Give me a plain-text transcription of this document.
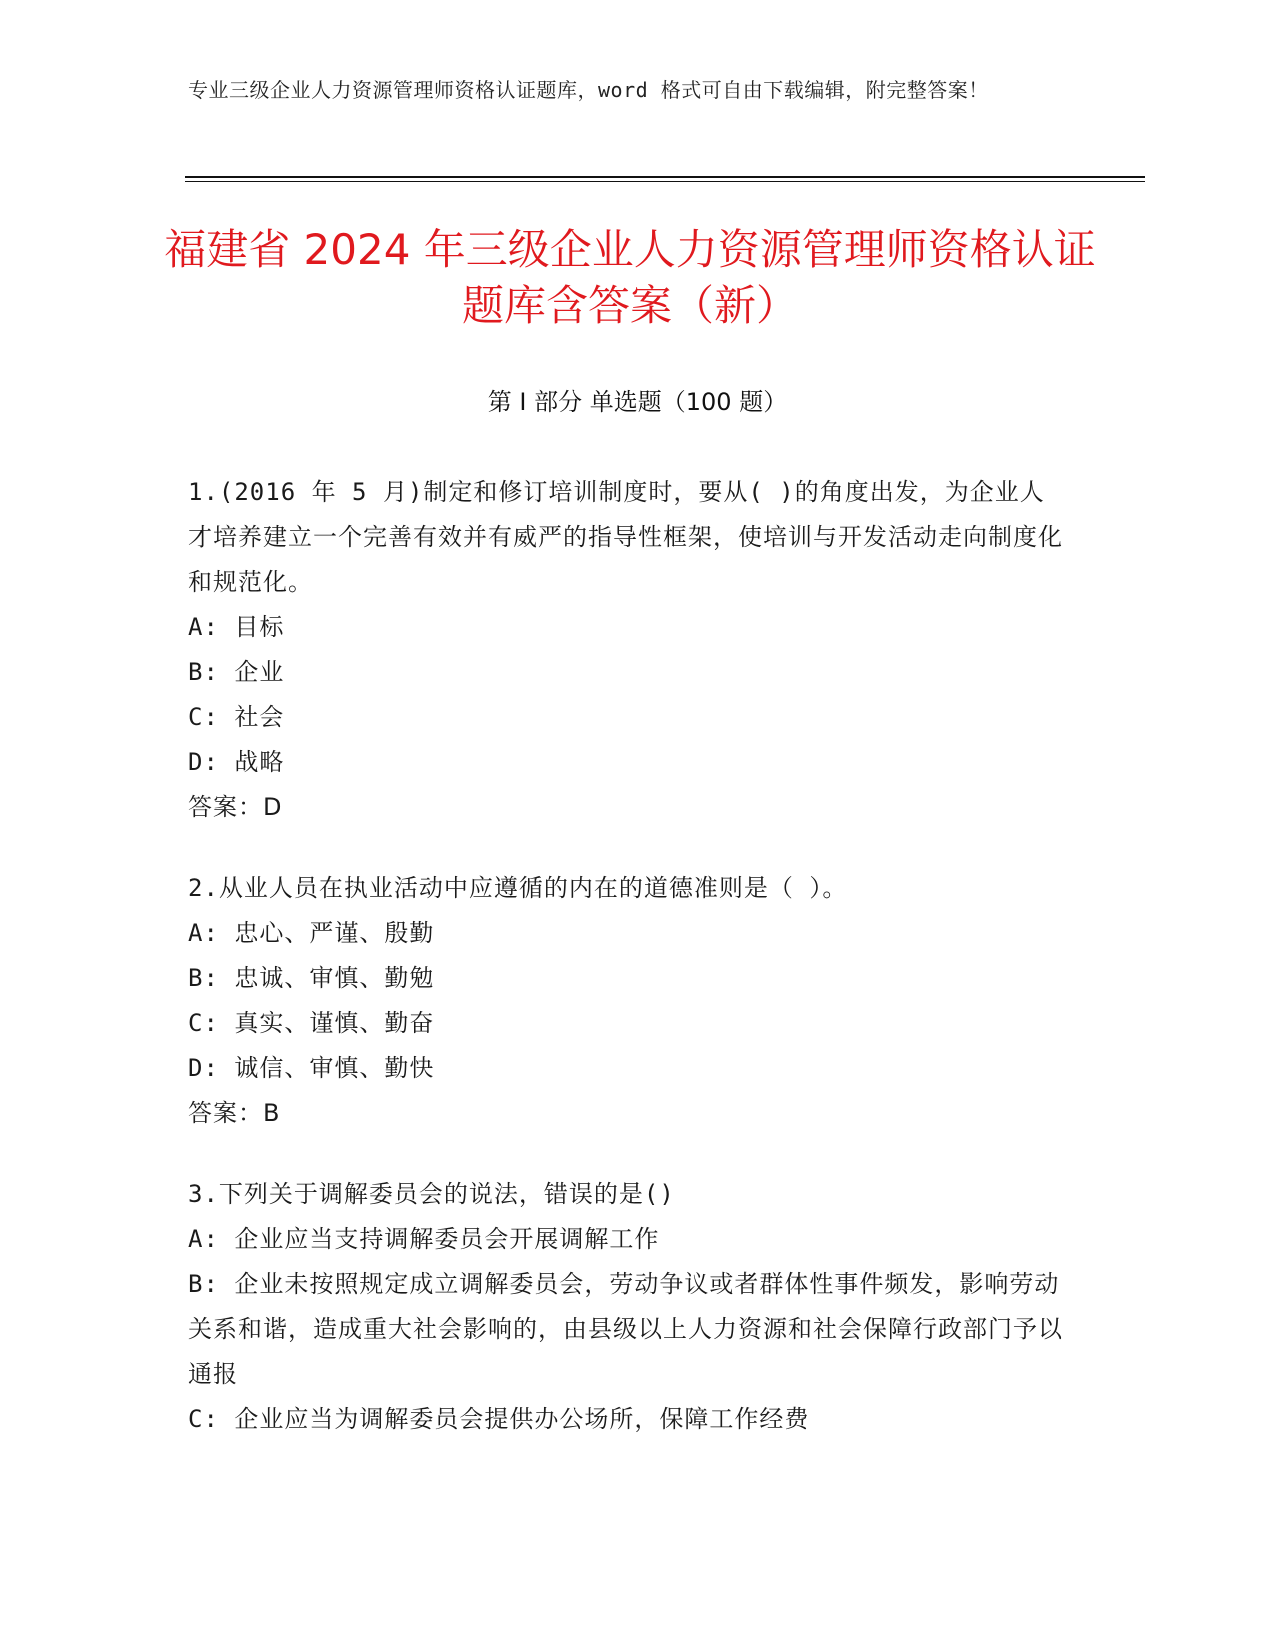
专业三级企业人力资源管理师资格认证题库，word 格式可自由下载编辑，附完整答案！
福建省 2024 年三级企业人力资源管理师资格认证题库含答案（新）
第 I 部分 单选题（100 题）

1.(2016 年 5 月)制定和修订培训制度时，要从( )的角度出发，为企业人才培养建立一个完善有效并有威严的指导性框架，使培训与开发活动走向制度化和规范化。

A: 目标

B: 企业

C: 社会

D: 战略

答案：D

2.从业人员在执业活动中应遵循的内在的道德准则是（ ）。

A: 忠心、严谨、殷勤

B: 忠诚、审慎、勤勉

C: 真实、谨慎、勤奋

D: 诚信、审慎、勤快

答案：B

3.下列关于调解委员会的说法，错误的是()

A: 企业应当支持调解委员会开展调解工作

B: 企业未按照规定成立调解委员会，劳动争议或者群体性事件频发，影响劳动关系和谐，造成重大社会影响的，由县级以上人力资源和社会保障行政部门予以通报

C: 企业应当为调解委员会提供办公场所，保障工作经费
